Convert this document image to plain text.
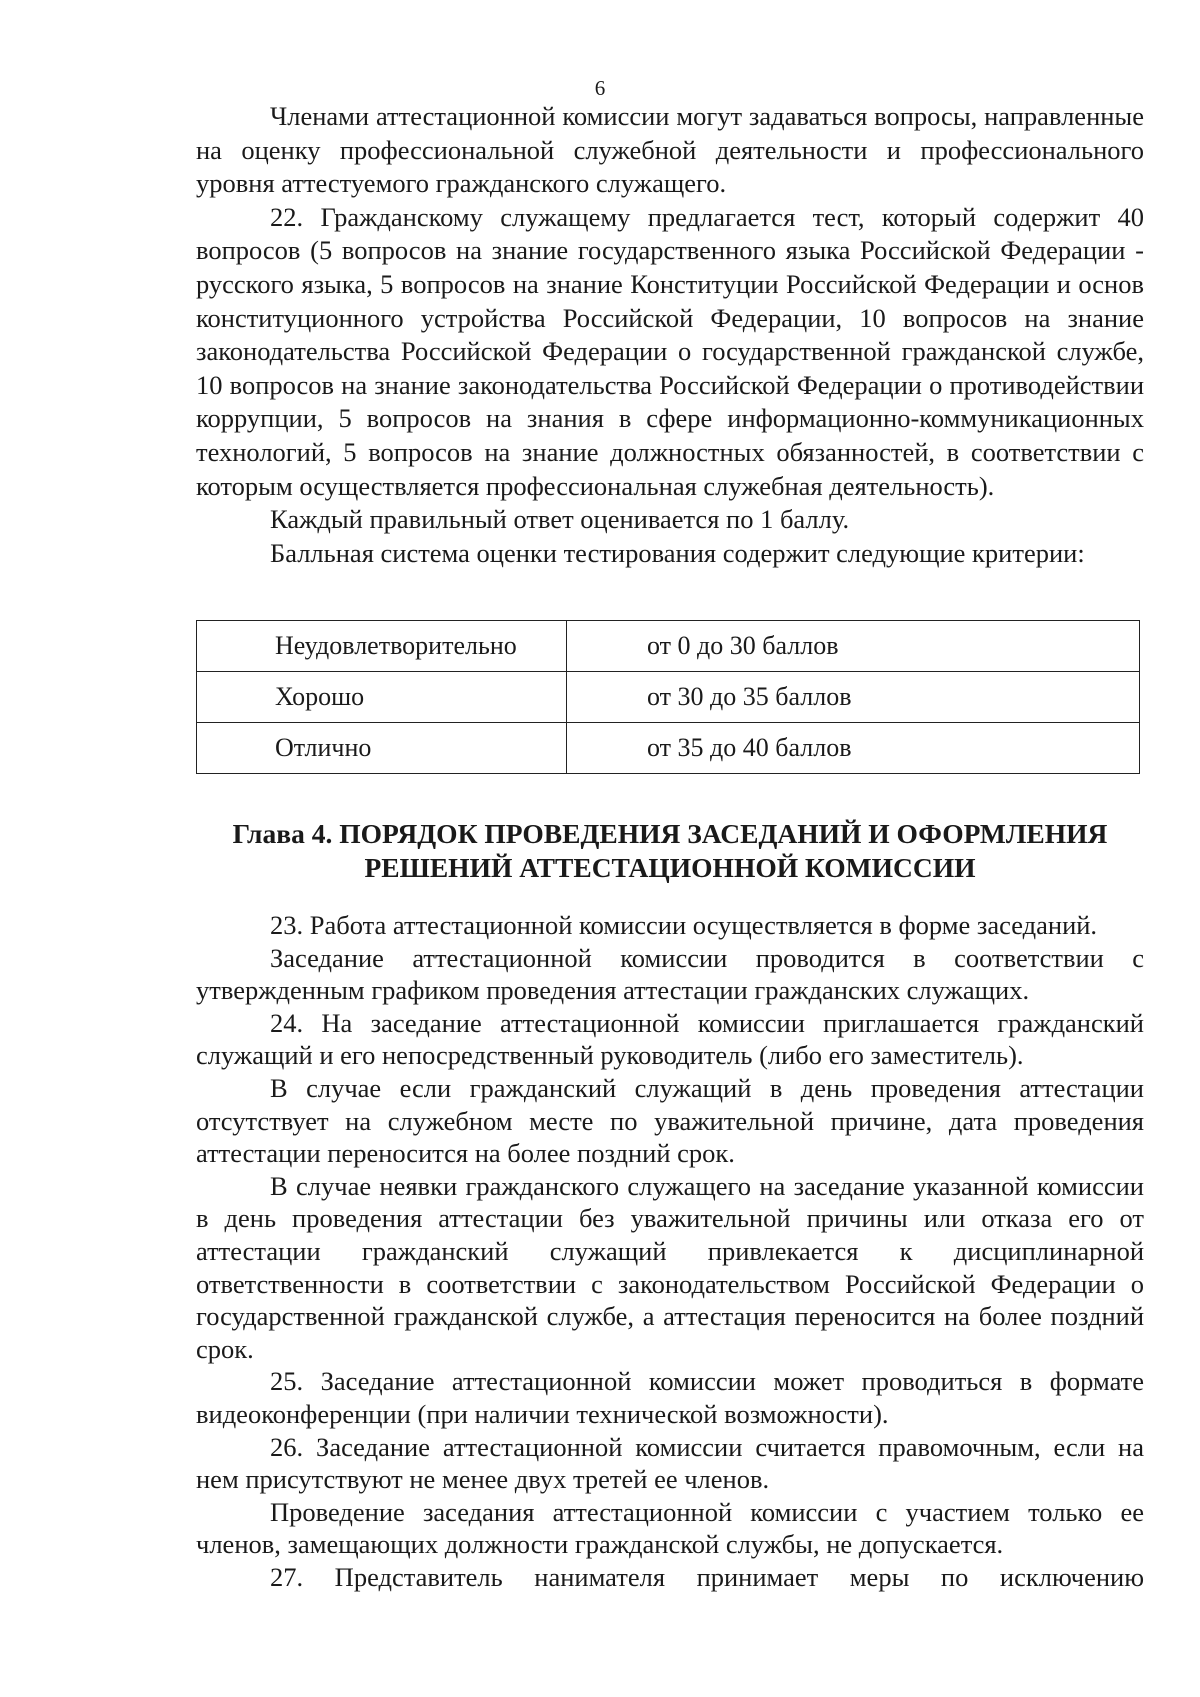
6

Членами аттестационной комиссии могут задаваться вопросы, направленные на оценку профессиональной служебной деятельности и профессионального уровня аттестуемого гражданского служащего.

22. Гражданскому служащему предлагается тест, который содержит 40 вопросов (5 вопросов на знание государственного языка Российской Федерации - русского языка, 5 вопросов на знание Конституции Российской Федерации и основ конституционного устройства Российской Федерации, 10 вопросов на знание законодательства Российской Федерации о государственной гражданской службе, 10 вопросов на знание законодательства Российской Федерации о противодействии коррупции, 5 вопросов на знания в сфере информационно-коммуникационных технологий, 5 вопросов на знание должностных обязанностей, в соответствии с которым осуществляется профессиональная служебная деятельность).

Каждый правильный ответ оценивается по 1 баллу.

Балльная система оценки тестирования содержит следующие критерии:

Неудовлетворительно	от 0 до 30 баллов
Хорошо	от 30 до 35 баллов
Отлично	от 35 до 40 баллов
Глава 4. ПОРЯДОК ПРОВЕДЕНИЯ ЗАСЕДАНИЙ И ОФОРМЛЕНИЯ
РЕШЕНИЙ АТТЕСТАЦИОННОЙ КОМИССИИ

23. Работа аттестационной комиссии осуществляется в форме заседаний.

Заседание аттестационной комиссии проводится в соответствии с утвержденным графиком проведения аттестации гражданских служащих.

24. На заседание аттестационной комиссии приглашается гражданский служащий и его непосредственный руководитель (либо его заместитель).

В случае если гражданский служащий в день проведения аттестации отсутствует на служебном месте по уважительной причине, дата проведения аттестации переносится на более поздний срок.

В случае неявки гражданского служащего на заседание указанной комиссии в день проведения аттестации без уважительной причины или отказа его от аттестации гражданский служащий привлекается к дисциплинарной ответственности в соответствии с законодательством Российской Федерации о государственной гражданской службе, а аттестация переносится на более поздний срок.

25. Заседание аттестационной комиссии может проводиться в формате видеоконференции (при наличии технической возможности).

26. Заседание аттестационной комиссии считается правомочным, если на нем присутствуют не менее двух третей ее членов.

Проведение заседания аттестационной комиссии с участием только ее членов, замещающих должности гражданской службы, не допускается.

27. Представитель нанимателя принимает меры по исключению
